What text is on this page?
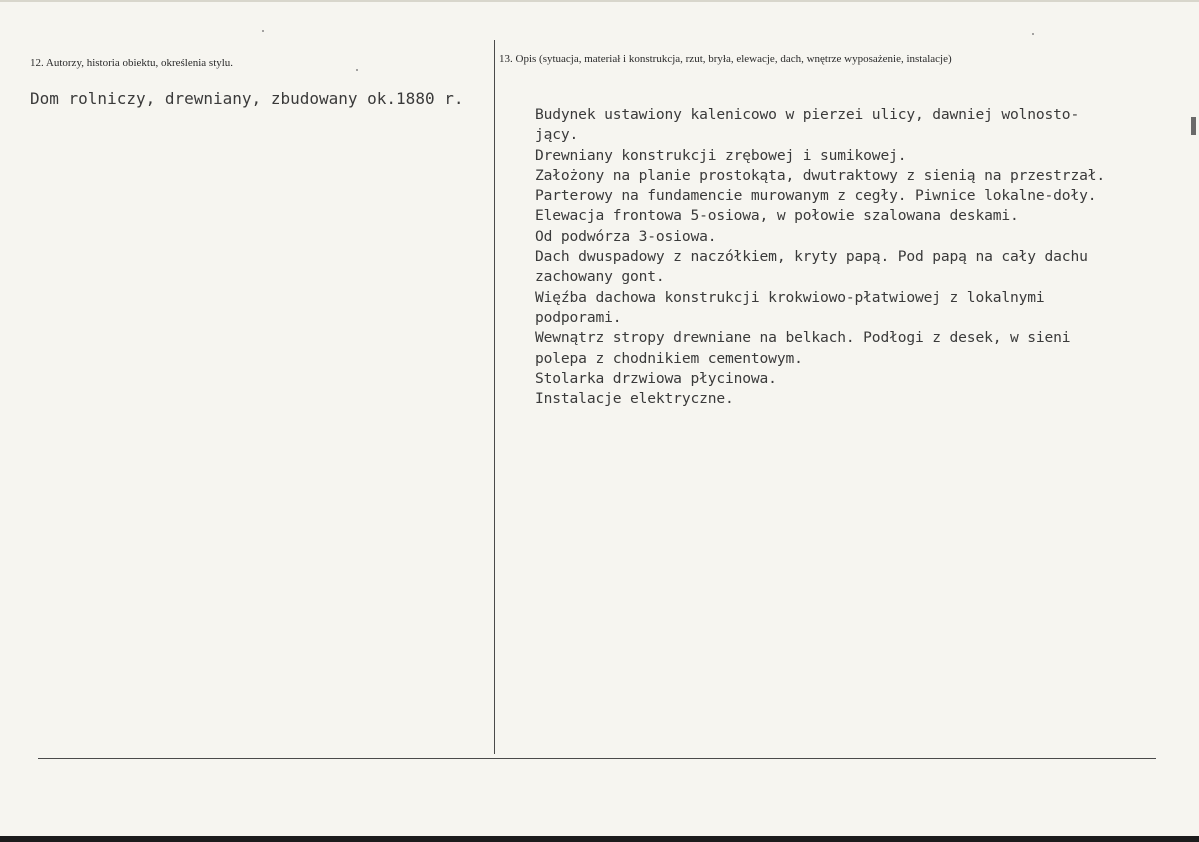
12. Autorzy, historia obiektu, określenia stylu.
Dom rolniczy, drewniany, zbudowany ok.1880 r.
13. Opis (sytuacja, materiał i konstrukcja, rzut, bryła, elewacje, dach, wnętrze wyposażenie, instalacje)
Budynek ustawiony kalenicowo w pierzei ulicy, dawniej wolnosto-
jący.
Drewniany konstrukcji zrębowej i sumikowej.
Założony na planie prostokąta, dwutraktowy z sienią na przestrzał.
Parterowy na fundamencie murowanym z cegły. Piwnice lokalne-doły.
Elewacja frontowa 5-osiowa, w połowie szalowana deskami.
Od podwórza 3-osiowa.
Dach dwuspadowy z naczółkiem, kryty papą. Pod papą na cały dachu
zachowany gont.
Więźba dachowa konstrukcji krokwiowo-płatwiowej z lokalnymi
podporami.
Wewnątrz stropy drewniane na belkach. Podłogi z desek, w sieni
polepa z chodnikiem cementowym.
Stolarka drzwiowa płycinowa.
Instalacje elektryczne.
